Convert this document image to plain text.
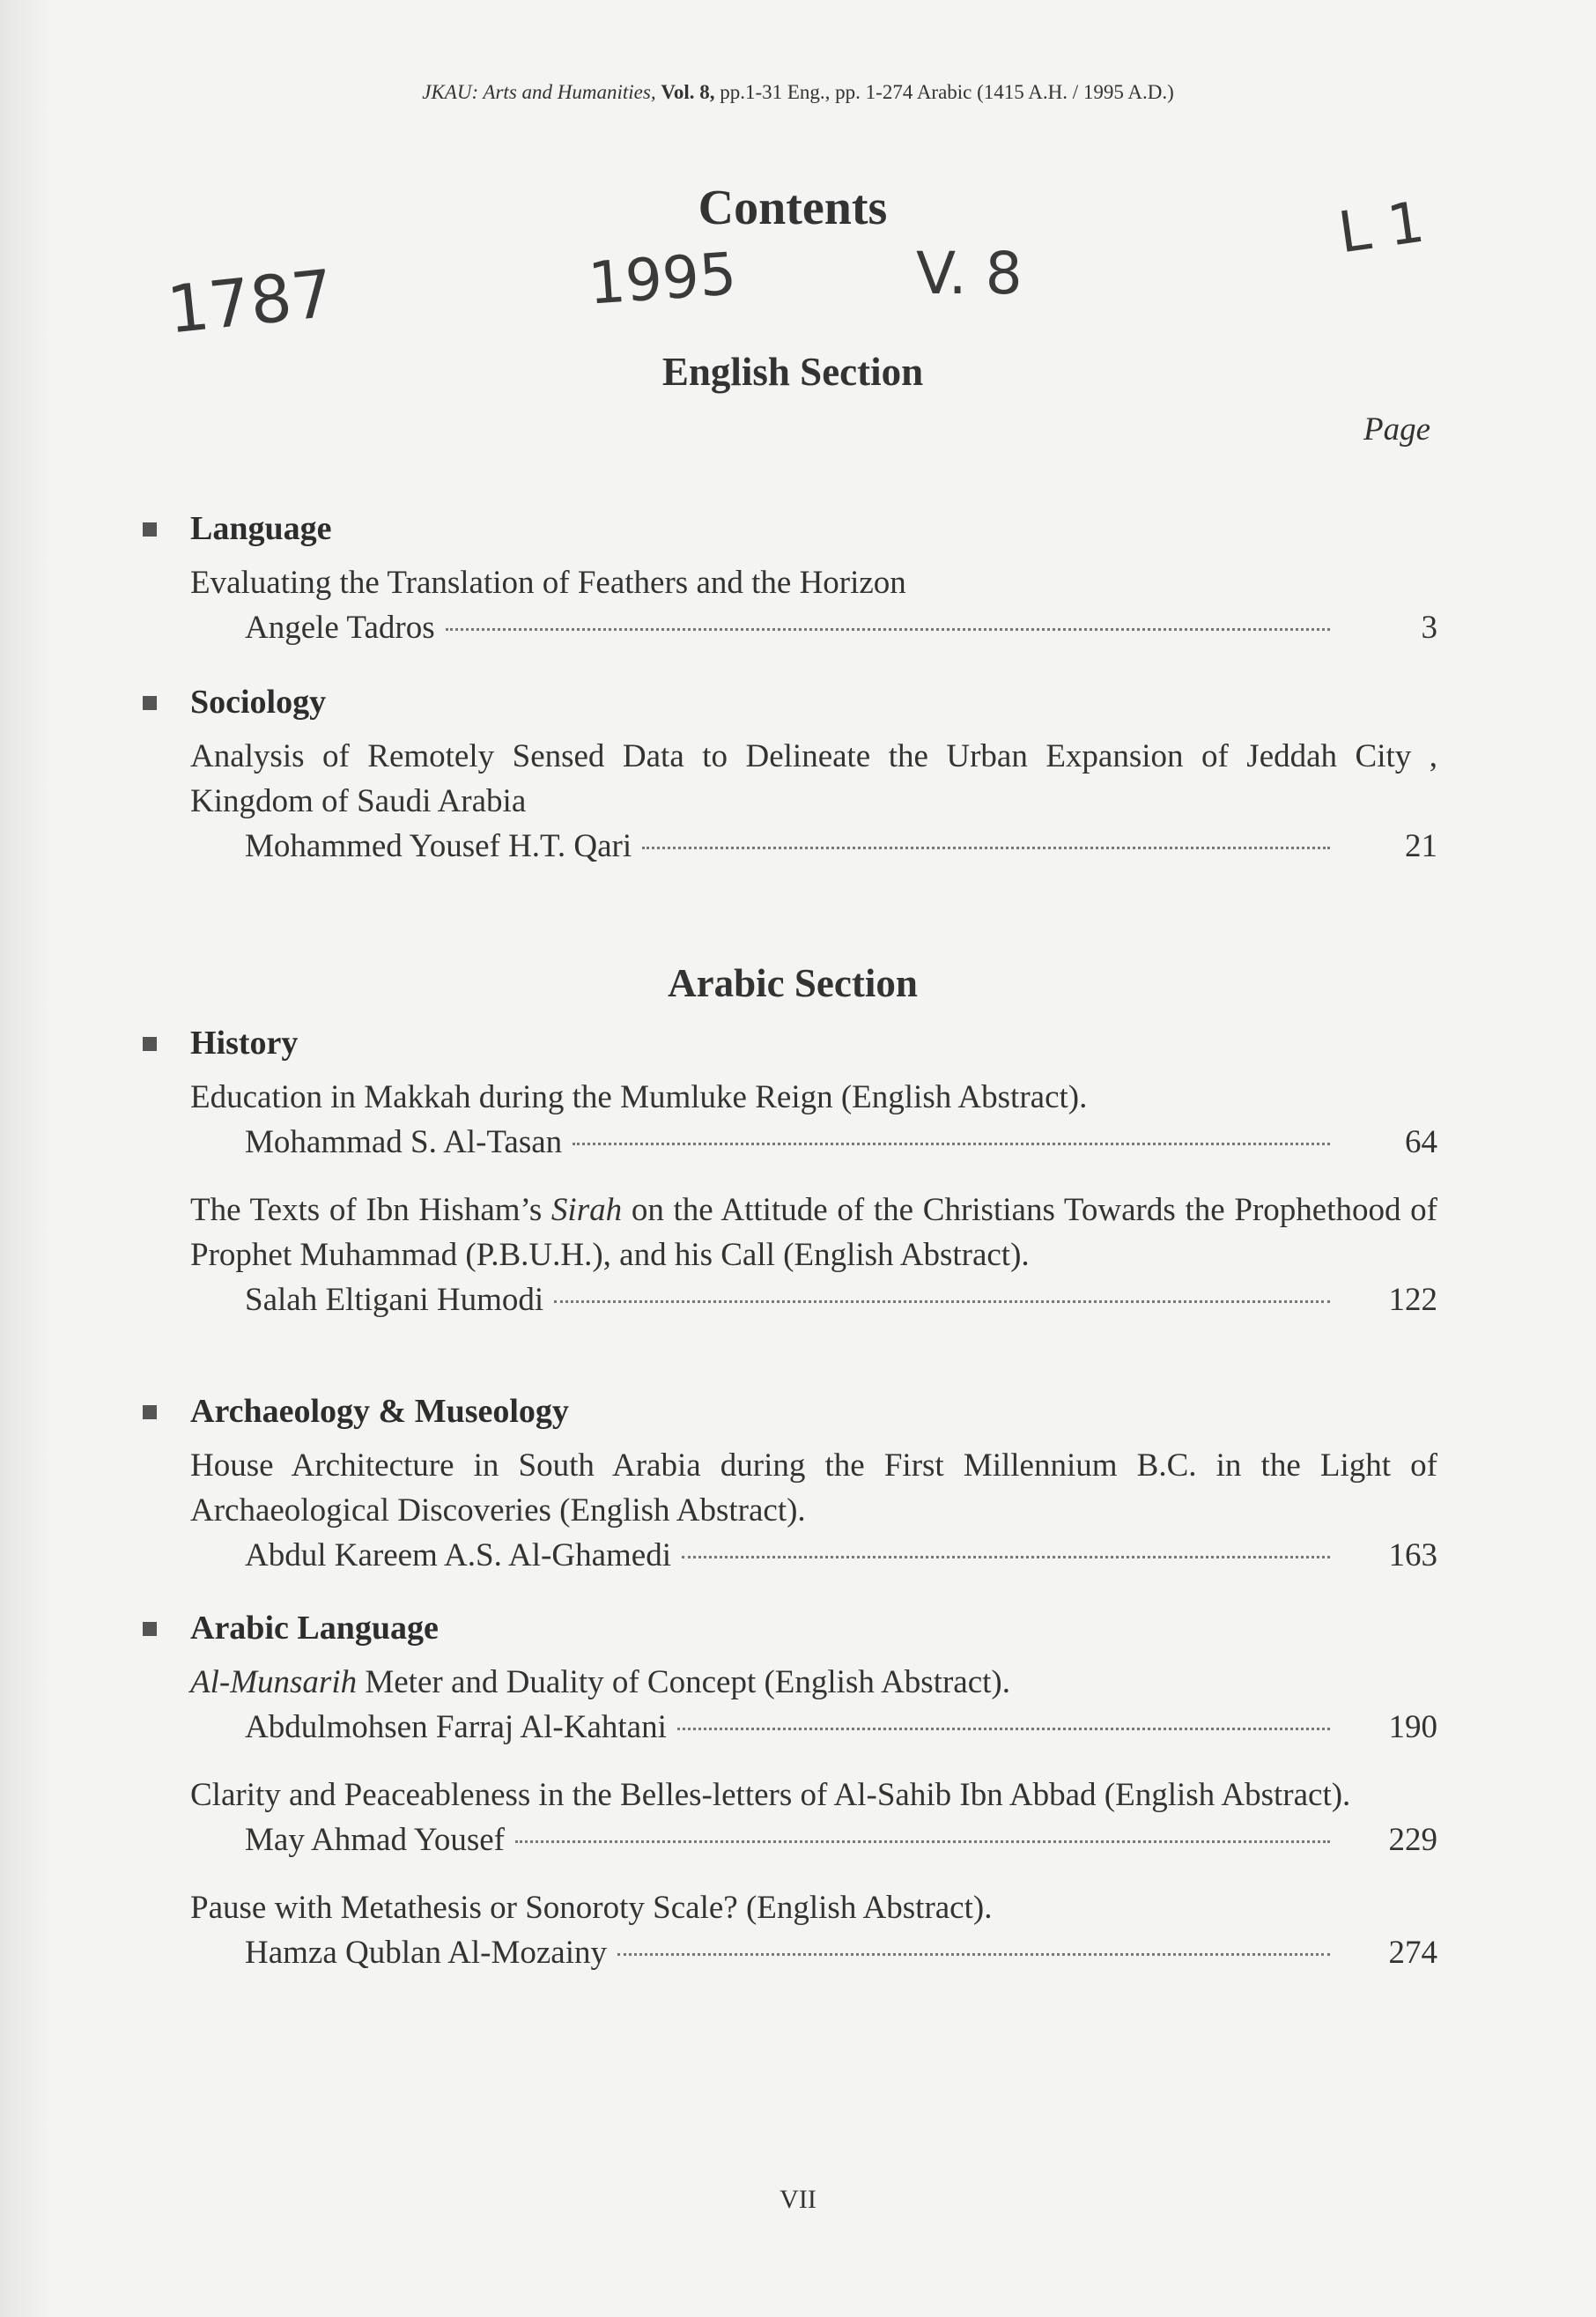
JKAU: Arts and Humanities, Vol. 8, pp.1-31 Eng., pp. 1-274 Arabic (1415 A.H. / 1995 A.D.)
Contents
1787	1995	V. 8
L 1
English Section
Page
Language
Evaluating the Translation of Feathers and the Horizon
Angele Tadros	3
Sociology
Analysis of Remotely Sensed Data to Delineate the Urban Expansion of Jeddah City , Kingdom of Saudi Arabia
Mohammed Yousef H.T. Qari	21
Arabic Section
History
Education in Makkah during the Mumluke Reign (English Abstract).
Mohammad S. Al-Tasan	64
The Texts of Ibn Hisham’s Sirah on the Attitude of the Christians Towards the Prophethood of Prophet Muhammad (P.B.U.H.), and his Call (English Abstract).
Salah Eltigani Humodi	122
Archaeology & Museology
House Architecture in South Arabia during the First Millennium B.C. in the Light of Archaeological Discoveries (English Abstract).
Abdul Kareem A.S. Al-Ghamedi	163
Arabic Language
Al-Munsarih Meter and Duality of Concept (English Abstract).
Abdulmohsen Farraj Al-Kahtani	190
Clarity and Peaceableness in the Belles-letters of Al-Sahib Ibn Abbad (English Abstract).
May Ahmad Yousef	229
Pause with Metathesis or Sonoroty Scale? (English Abstract).
Hamza Qublan Al-Mozainy	274
VII
